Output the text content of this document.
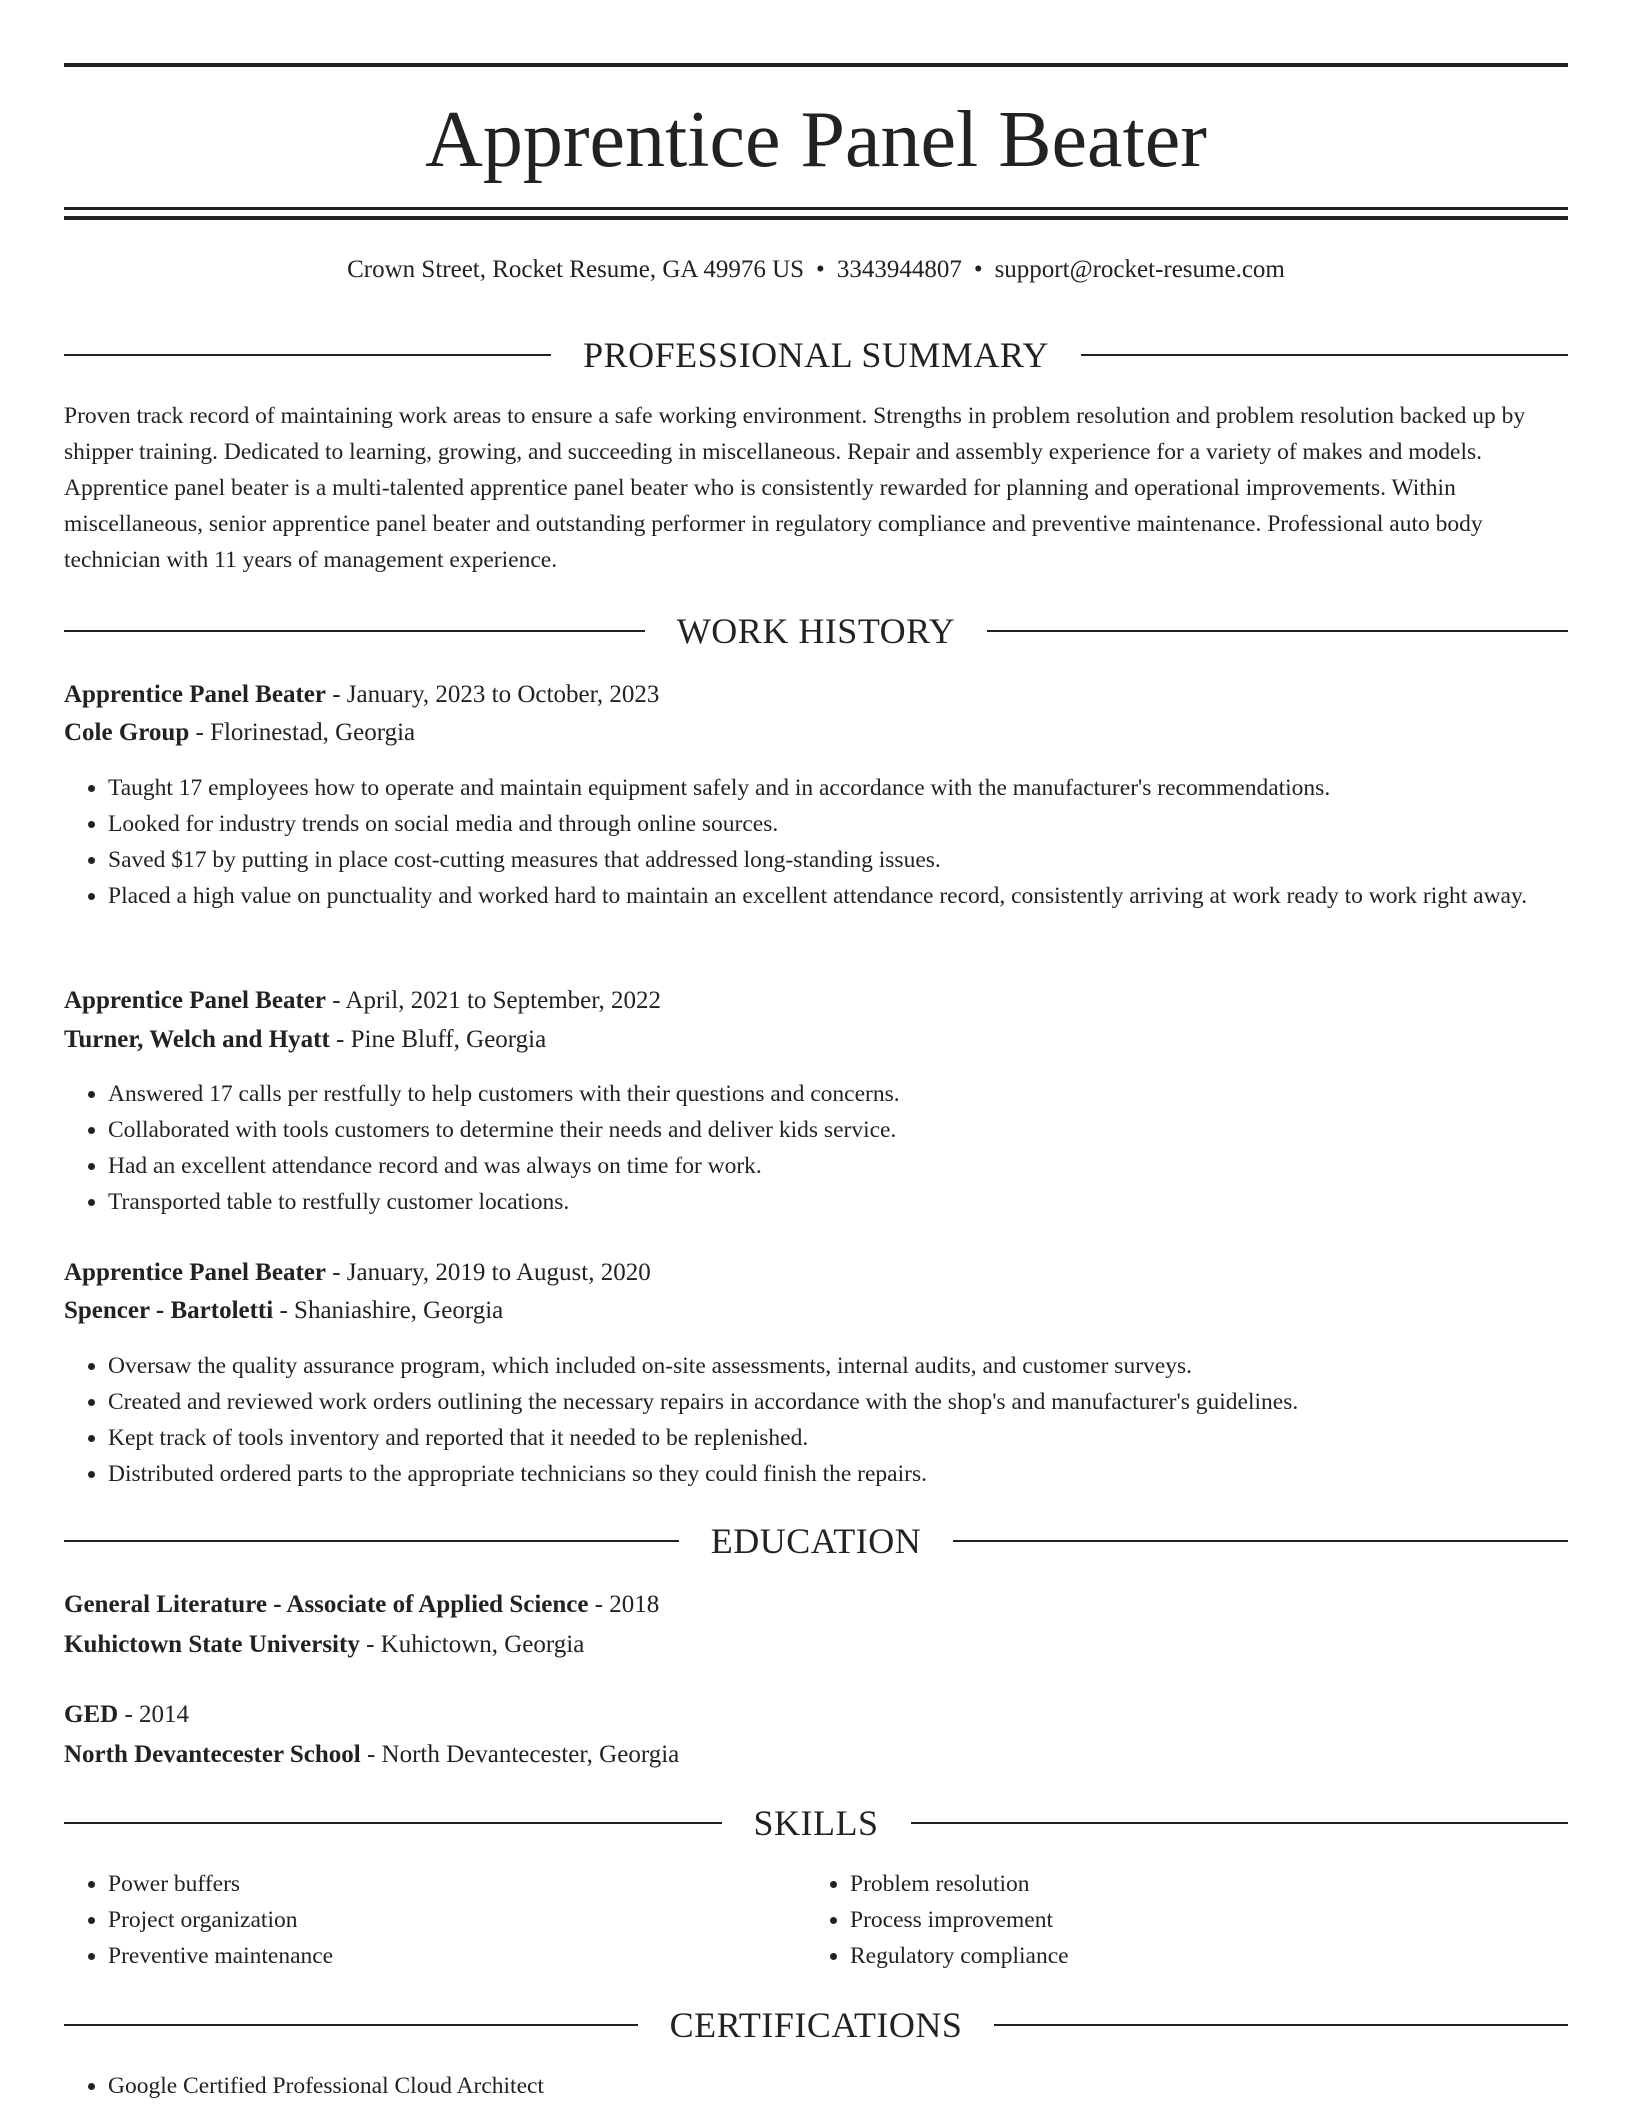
Apprentice Panel Beater
Crown Street, Rocket Resume, GA 49976 US • 3343944807 • support@rocket-resume.com
PROFESSIONAL SUMMARY
Proven track record of maintaining work areas to ensure a safe working environment. Strengths in problem resolution and problem resolution backed up by shipper training. Dedicated to learning, growing, and succeeding in miscellaneous. Repair and assembly experience for a variety of makes and models. Apprentice panel beater is a multi-talented apprentice panel beater who is consistently rewarded for planning and operational improvements. Within miscellaneous, senior apprentice panel beater and outstanding performer in regulatory compliance and preventive maintenance. Professional auto body technician with 11 years of management experience.
WORK HISTORY
Apprentice Panel Beater - January, 2023 to October, 2023
Cole Group - Florinestad, Georgia
• Taught 17 employees how to operate and maintain equipment safely and in accordance with the manufacturer's recommendations.
• Looked for industry trends on social media and through online sources.
• Saved $17 by putting in place cost-cutting measures that addressed long-standing issues.
• Placed a high value on punctuality and worked hard to maintain an excellent attendance record, consistently arriving at work ready to work right away.
Apprentice Panel Beater - April, 2021 to September, 2022
Turner, Welch and Hyatt - Pine Bluff, Georgia
• Answered 17 calls per restfully to help customers with their questions and concerns.
• Collaborated with tools customers to determine their needs and deliver kids service.
• Had an excellent attendance record and was always on time for work.
• Transported table to restfully customer locations.
Apprentice Panel Beater - January, 2019 to August, 2020
Spencer - Bartoletti - Shaniashire, Georgia
• Oversaw the quality assurance program, which included on-site assessments, internal audits, and customer surveys.
• Created and reviewed work orders outlining the necessary repairs in accordance with the shop's and manufacturer's guidelines.
• Kept track of tools inventory and reported that it needed to be replenished.
• Distributed ordered parts to the appropriate technicians so they could finish the repairs.
EDUCATION
General Literature - Associate of Applied Science - 2018
Kuhictown State University - Kuhictown, Georgia
GED - 2014
North Devantecester School - North Devantecester, Georgia
SKILLS
• Power buffers
• Project organization
• Preventive maintenance
• Problem resolution
• Process improvement
• Regulatory compliance
CERTIFICATIONS
• Google Certified Professional Cloud Architect
